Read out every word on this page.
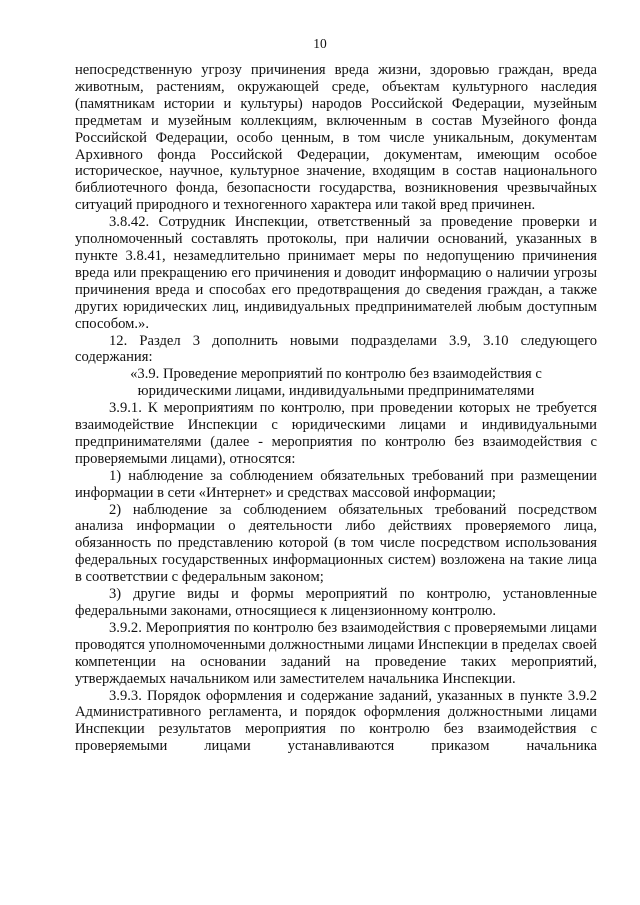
10

непосредственную угрозу причинения вреда жизни, здоровью граждан, вреда животным, растениям, окружающей среде, объектам культурного наследия (памятникам истории и культуры) народов Российской Федерации, музейным предметам и музейным коллекциям, включенным в состав Музейного фонда Российской Федерации, особо ценным, в том числе уникальным, документам Архивного фонда Российской Федерации, документам, имеющим особое историческое, научное, культурное значение, входящим в состав национального библиотечного фонда, безопасности государства, возникновения чрезвычайных ситуаций природного и техногенного характера или такой вред причинен.

3.8.42. Сотрудник Инспекции, ответственный за проведение проверки и уполномоченный составлять протоколы, при наличии оснований, указанных в пункте 3.8.41, незамедлительно принимает меры по недопущению причинения вреда или прекращению его причинения и доводит информацию о наличии угрозы причинения вреда и способах его предотвращения до сведения граждан, а также других юридических лиц, индивидуальных предпринимателей любым доступным способом.».

12. Раздел 3 дополнить новыми подразделами 3.9, 3.10 следующего содержания:

«3.9. Проведение мероприятий по контролю без взаимодействия с юридическими лицами, индивидуальными предпринимателями

3.9.1. К мероприятиям по контролю, при проведении которых не требуется взаимодействие Инспекции с юридическими лицами и индивидуальными предпринимателями (далее - мероприятия по контролю без взаимодействия с проверяемыми лицами), относятся:

1) наблюдение за соблюдением обязательных требований при размещении информации в сети «Интернет» и средствах массовой информации;

2) наблюдение за соблюдением обязательных требований посредством анализа информации о деятельности либо действиях проверяемого лица, обязанность по представлению которой (в том числе посредством использования федеральных государственных информационных систем) возложена на такие лица в соответствии с федеральным законом;

3) другие виды и формы мероприятий по контролю, установленные федеральными законами, относящиеся к лицензионному контролю.

3.9.2. Мероприятия по контролю без взаимодействия с проверяемыми лицами проводятся уполномоченными должностными лицами Инспекции в пределах своей компетенции на основании заданий на проведение таких мероприятий, утверждаемых начальником или заместителем начальника Инспекции.

3.9.3. Порядок оформления и содержание заданий, указанных в пункте 3.9.2 Административного регламента, и порядок оформления должностными лицами Инспекции результатов мероприятия по контролю без взаимодействия с проверяемыми лицами устанавливаются приказом начальника
